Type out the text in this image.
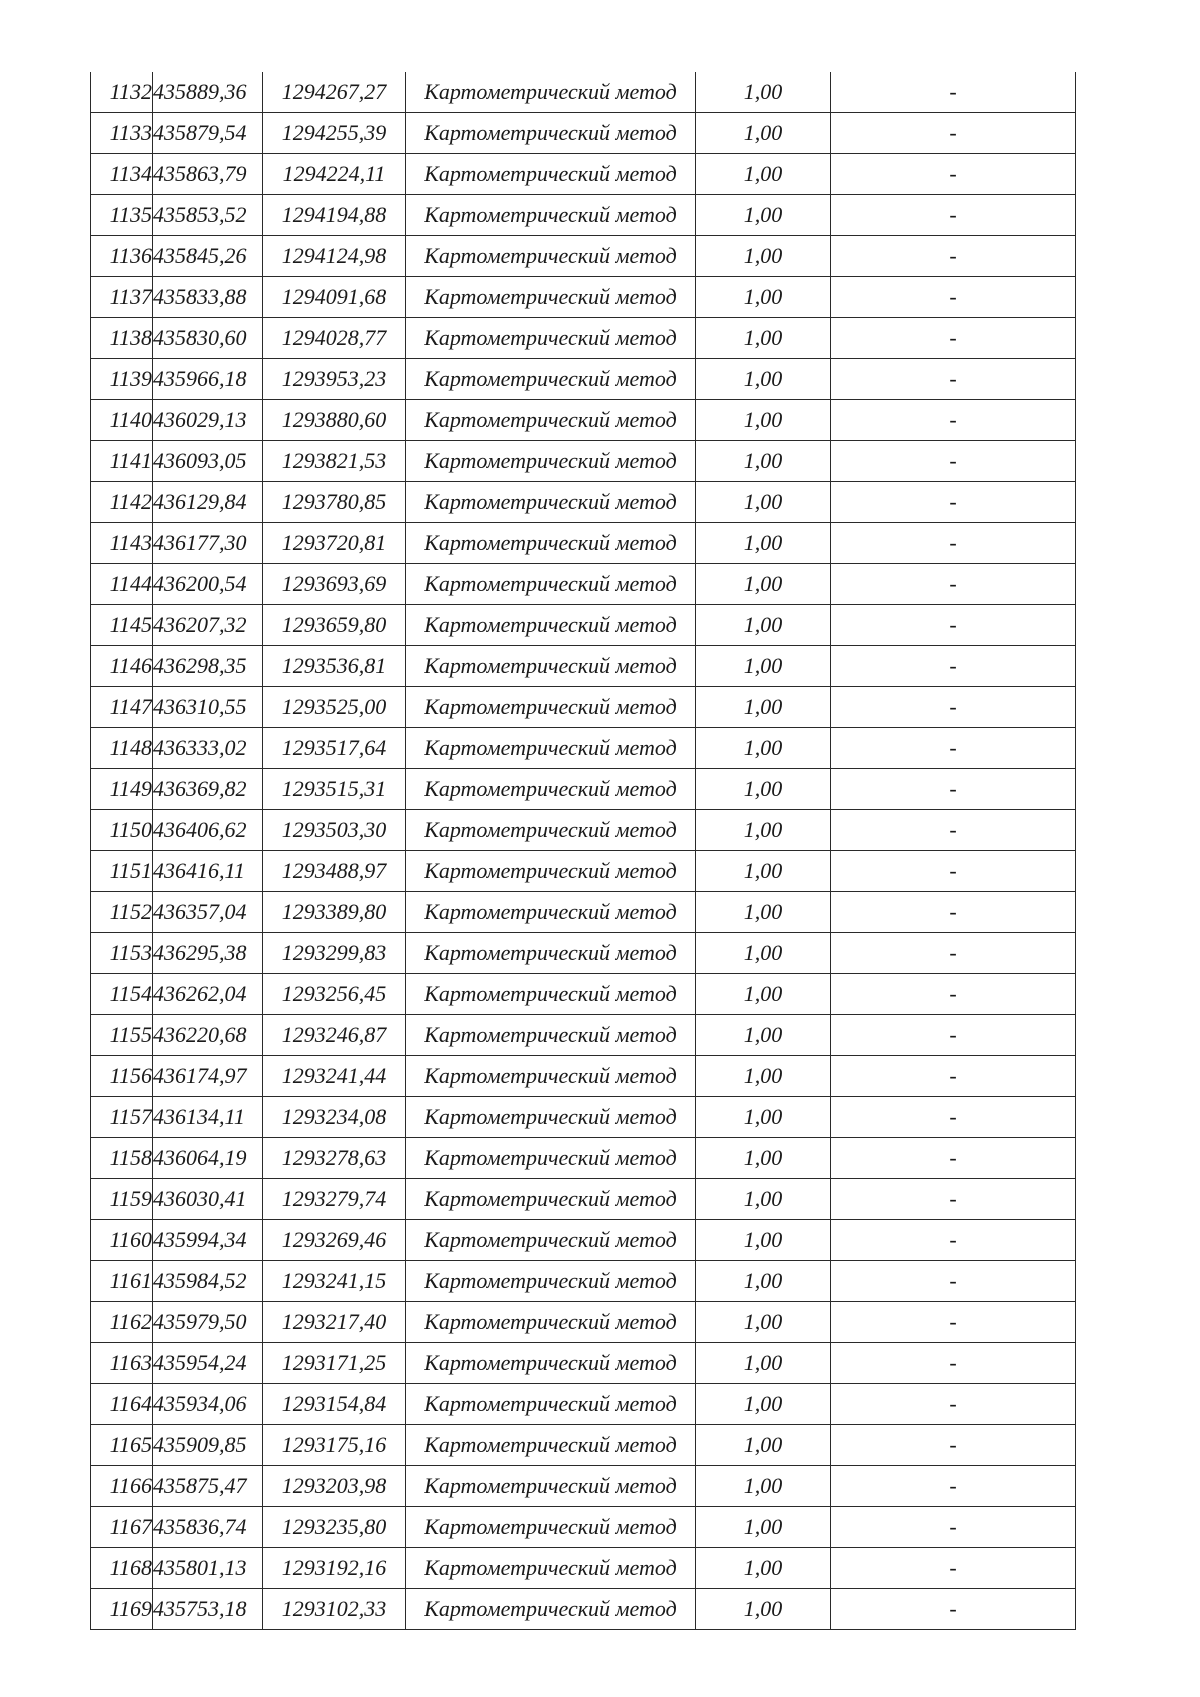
1132	435889,36	1294267,27	Картометрический метод	1,00	-
1133	435879,54	1294255,39	Картометрический метод	1,00	-
1134	435863,79	1294224,11	Картометрический метод	1,00	-
1135	435853,52	1294194,88	Картометрический метод	1,00	-
1136	435845,26	1294124,98	Картометрический метод	1,00	-
1137	435833,88	1294091,68	Картометрический метод	1,00	-
1138	435830,60	1294028,77	Картометрический метод	1,00	-
1139	435966,18	1293953,23	Картометрический метод	1,00	-
1140	436029,13	1293880,60	Картометрический метод	1,00	-
1141	436093,05	1293821,53	Картометрический метод	1,00	-
1142	436129,84	1293780,85	Картометрический метод	1,00	-
1143	436177,30	1293720,81	Картометрический метод	1,00	-
1144	436200,54	1293693,69	Картометрический метод	1,00	-
1145	436207,32	1293659,80	Картометрический метод	1,00	-
1146	436298,35	1293536,81	Картометрический метод	1,00	-
1147	436310,55	1293525,00	Картометрический метод	1,00	-
1148	436333,02	1293517,64	Картометрический метод	1,00	-
1149	436369,82	1293515,31	Картометрический метод	1,00	-
1150	436406,62	1293503,30	Картометрический метод	1,00	-
1151	436416,11	1293488,97	Картометрический метод	1,00	-
1152	436357,04	1293389,80	Картометрический метод	1,00	-
1153	436295,38	1293299,83	Картометрический метод	1,00	-
1154	436262,04	1293256,45	Картометрический метод	1,00	-
1155	436220,68	1293246,87	Картометрический метод	1,00	-
1156	436174,97	1293241,44	Картометрический метод	1,00	-
1157	436134,11	1293234,08	Картометрический метод	1,00	-
1158	436064,19	1293278,63	Картометрический метод	1,00	-
1159	436030,41	1293279,74	Картометрический метод	1,00	-
1160	435994,34	1293269,46	Картометрический метод	1,00	-
1161	435984,52	1293241,15	Картометрический метод	1,00	-
1162	435979,50	1293217,40	Картометрический метод	1,00	-
1163	435954,24	1293171,25	Картометрический метод	1,00	-
1164	435934,06	1293154,84	Картометрический метод	1,00	-
1165	435909,85	1293175,16	Картометрический метод	1,00	-
1166	435875,47	1293203,98	Картометрический метод	1,00	-
1167	435836,74	1293235,80	Картометрический метод	1,00	-
1168	435801,13	1293192,16	Картометрический метод	1,00	-
1169	435753,18	1293102,33	Картометрический метод	1,00	-
